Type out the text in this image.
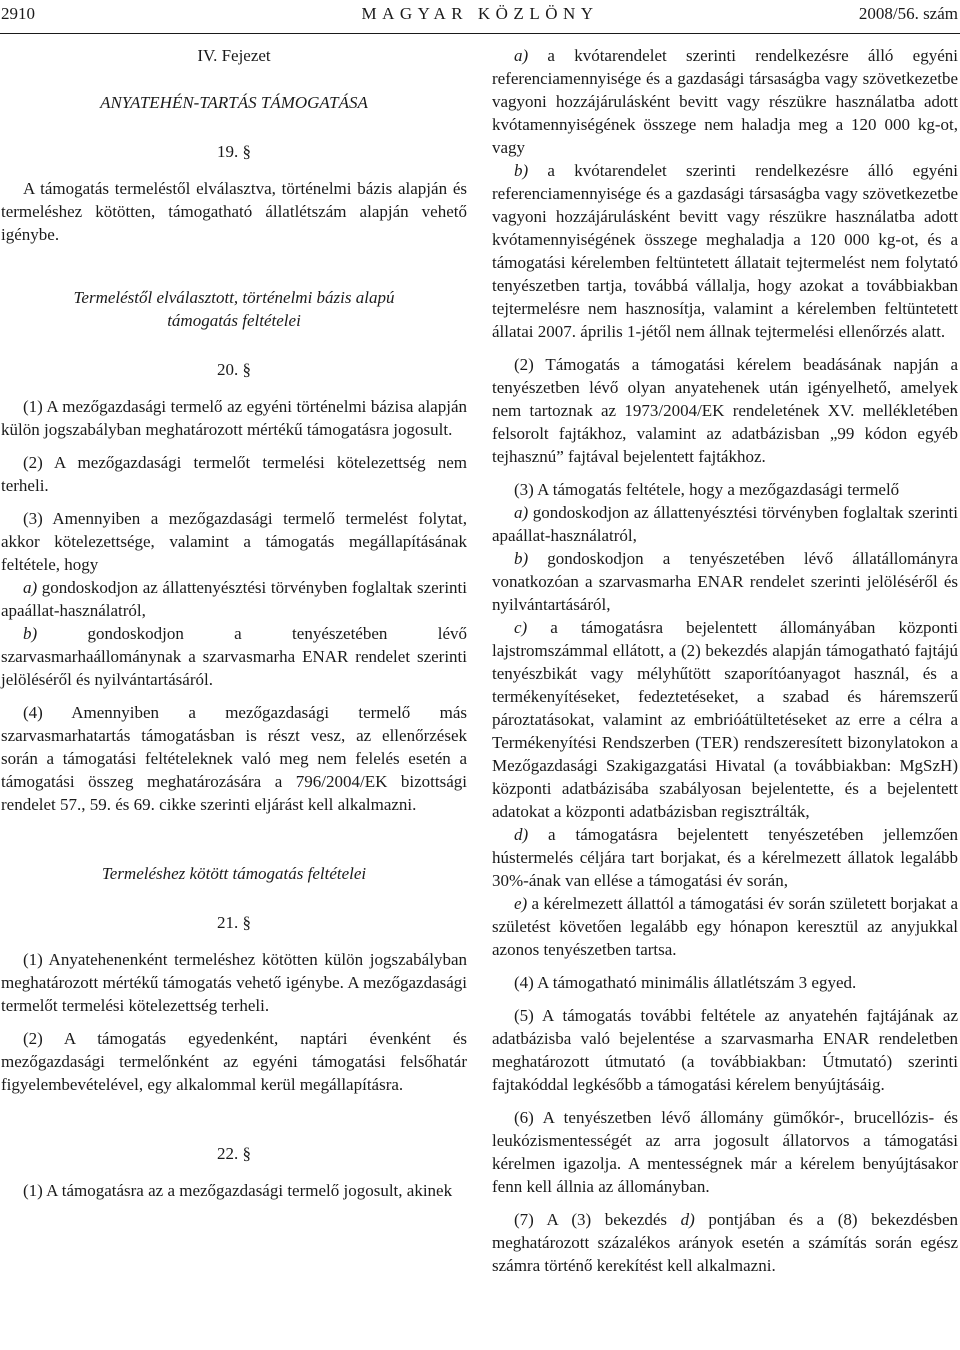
2910	MAGYAR KÖZLÖNY	2008/56. szám

IV. Fejezet

ANYATEHÉN-TARTÁS TÁMOGATÁSA

19. §

A támogatás termeléstől elválasztva, történelmi bázis alapján és termeléshez kötötten, támogatható állatlétszám alapján vehető igénybe.

Termeléstől elválasztott, történelmi bázis alapú

támogatás feltételei

20. §

(1) A mezőgazdasági termelő az egyéni történelmi bázisa alapján külön jogszabályban meghatározott mértékű támogatásra jogosult.

(2) A mezőgazdasági termelőt termelési kötelezettség nem terheli.

(3) Amennyiben a mezőgazdasági termelő termelést folytat, akkor kötelezettsége, valamint a támogatás megállapításának feltétele, hogy

a) gondoskodjon az állattenyésztési törvényben foglaltak szerinti apaállat-használatról,

b) gondoskodjon a tenyészetében lévő szarvasmarhaállománynak a szarvasmarha ENAR rendelet szerinti jelöléséről és nyilvántartásáról.

(4) Amennyiben a mezőgazdasági termelő más szarvasmarhatartás támogatásban is részt vesz, az ellenőrzések során a támogatási feltételeknek való meg nem felelés esetén a támogatási összeg meghatározására a 796/2004/EK bizottsági rendelet 57., 59. és 69. cikke szerinti eljárást kell alkalmazni.

Termeléshez kötött támogatás feltételei

21. §

(1) Anyatehenenként termeléshez kötötten külön jogszabályban meghatározott mértékű támogatás vehető igénybe. A mezőgazdasági termelőt termelési kötelezettség terheli.

(2) A támogatás egyedenként, naptári évenként és mezőgazdasági termelőnként az egyéni támogatási felsőhatár figyelembevételével, egy alkalommal kerül megállapításra.

22. §

(1) A támogatásra az a mezőgazdasági termelő jogosult, akinek

a) a kvótarendelet szerinti rendelkezésre álló egyéni referenciamennyisége és a gazdasági társaságba vagy szövetkezetbe vagyoni hozzájárulásként bevitt vagy részükre használatba adott kvótamennyiségének összege nem haladja meg a 120 000 kg-ot, vagy

b) a kvótarendelet szerinti rendelkezésre álló egyéni referenciamennyisége és a gazdasági társaságba vagy szövetkezetbe vagyoni hozzájárulásként bevitt vagy részükre használatba adott kvótamennyiségének összege meghaladja a 120 000 kg-ot, és a támogatási kérelemben feltüntetett állatait tejtermelést nem folytató tenyészetben tartja, továbbá vállalja, hogy azokat a továbbiakban tejtermelésre nem hasznosítja, valamint a kérelemben feltüntetett állatai 2007. április 1-jétől nem állnak tejtermelési ellenőrzés alatt.

(2) Támogatás a támogatási kérelem beadásának napján a tenyészetben lévő olyan anyatehenek után igényelhető, amelyek nem tartoznak az 1973/2004/EK rendeletének XV. mellékletében felsorolt fajtákhoz, valamint az adatbázisban „99 kódon egyéb tejhasznú” fajtával bejelentett fajtákhoz.

(3) A támogatás feltétele, hogy a mezőgazdasági termelő

a) gondoskodjon az állattenyésztési törvényben foglaltak szerinti apaállat-használatról,

b) gondoskodjon a tenyészetében lévő állatállományra vonatkozóan a szarvasmarha ENAR rendelet szerinti jelöléséről és nyilvántartásáról,

c) a támogatásra bejelentett állományában központi lajstromszámmal ellátott, a (2) bekezdés alapján támogatható fajtájú tenyészbikát vagy mélyhűtött szaporítóanyagot használ, és a termékenyítéseket, fedeztetéseket, a szabad és háremszerű pároztatásokat, valamint az embrióátültetéseket az erre a célra a Termékenyítési Rendszerben (TER) rendszeresített bizonylatokon a Mezőgazdasági Szakigazgatási Hivatal (a továbbiakban: MgSzH) központi adatbázisába szabályosan bejelentette, és a bejelentett adatokat a központi adatbázisban regisztrálták,

d) a támogatásra bejelentett tenyészetében jellemzően hústermelés céljára tart borjakat, és a kérelmezett állatok legalább 30%-ának van ellése a támogatási év során,

e) a kérelmezett állattól a támogatási év során született borjakat a születést követően legalább egy hónapon keresztül az anyjukkal azonos tenyészetben tartsa.

(4) A támogatható minimális állatlétszám 3 egyed.

(5) A támogatás további feltétele az anyatehén fajtájának az adatbázisba való bejelentése a szarvasmarha ENAR rendeletben meghatározott útmutató (a továbbiakban: Útmutató) szerinti fajtakóddal legkésőbb a támogatási kérelem benyújtásáig.

(6) A tenyészetben lévő állomány gümőkór-, brucellózis- és leukózismentességét az arra jogosult állatorvos a támogatási kérelmen igazolja. A mentességnek már a kérelem benyújtásakor fenn kell állnia az állományban.

(7) A (3) bekezdés d) pontjában és a (8) bekezdésben meghatározott százalékos arányok esetén a számítás során egész számra történő kerekítést kell alkalmazni.
